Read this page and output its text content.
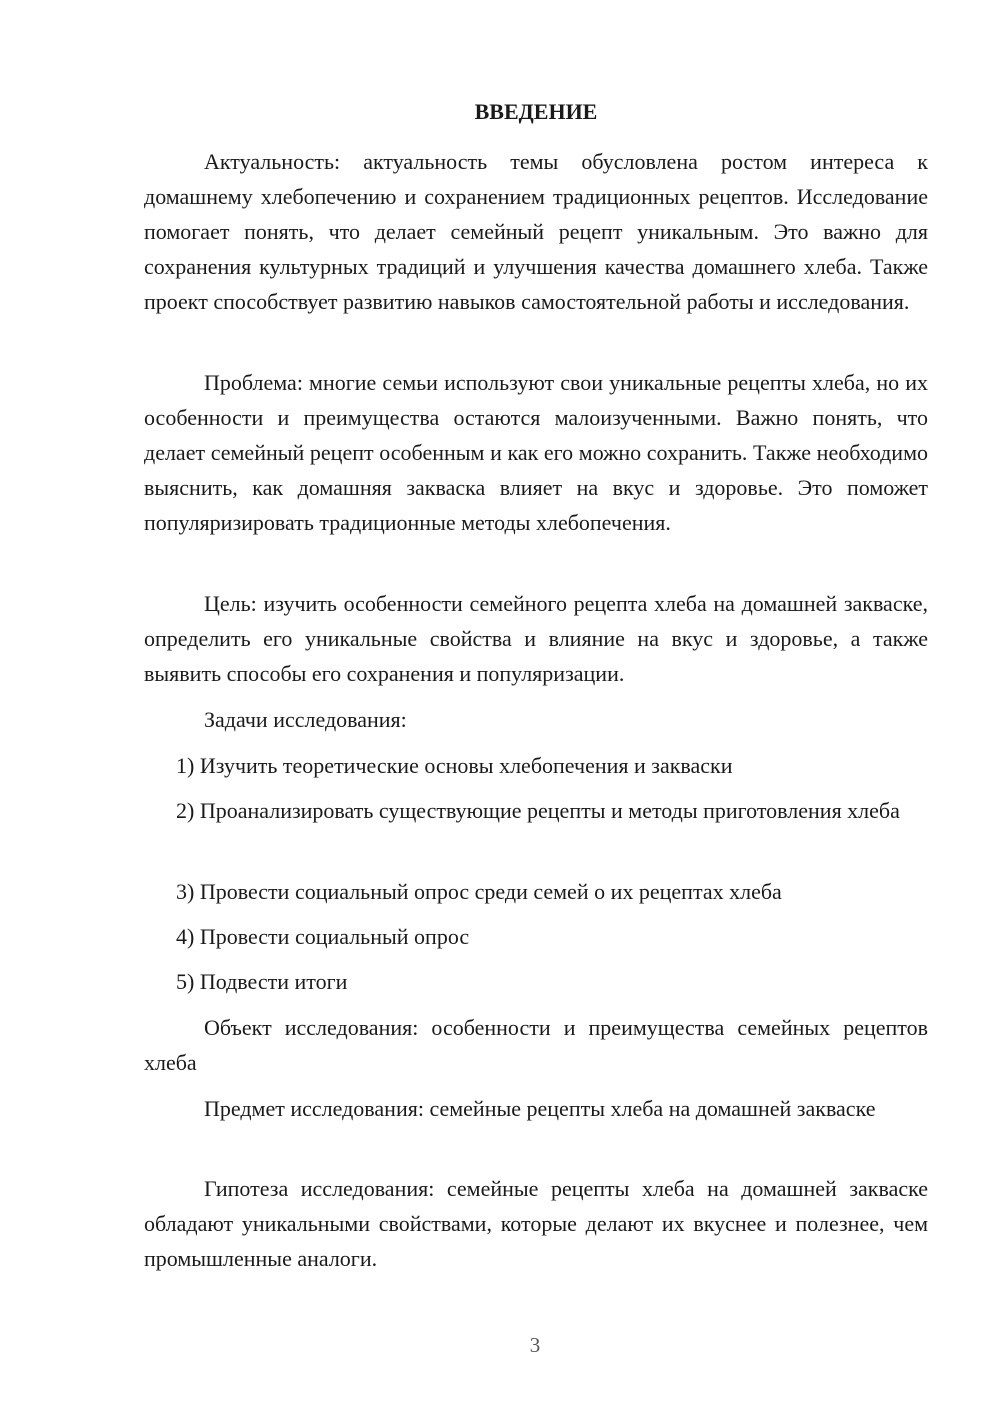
ВВЕДЕНИЕ

Актуальность: актуальность темы обусловлена ростом интереса к домашнему хлебопечению и сохранением традиционных рецептов. Исследование помогает понять, что делает семейный рецепт уникальным. Это важно для сохранения культурных традиций и улучшения качества домашнего хлеба. Также проект способствует развитию навыков самостоятельной работы и исследования.

Проблема: многие семьи используют свои уникальные рецепты хлеба, но их особенности и преимущества остаются малоизученными. Важно понять, что делает семейный рецепт особенным и как его можно сохранить. Также необходимо выяснить, как домашняя закваска влияет на вкус и здоровье. Это поможет популяризировать традиционные методы хлебопечения.

Цель: изучить особенности семейного рецепта хлеба на домашней закваске, определить его уникальные свойства и влияние на вкус и здоровье, а также выявить способы его сохранения и популяризации.

Задачи исследования:

1) Изучить теоретические основы хлебопечения и закваски

2) Проанализировать существующие рецепты и методы приготовления хлеба

3) Провести социальный опрос среди семей о их рецептах хлеба

4) Провести социальный опрос

5) Подвести итоги

Объект исследования: особенности и преимущества семейных рецептов хлеба

Предмет исследования: семейные рецепты хлеба на домашней закваске

Гипотеза исследования: семейные рецепты хлеба на домашней закваске обладают уникальными свойствами, которые делают их вкуснее и полезнее, чем промышленные аналоги.

3
